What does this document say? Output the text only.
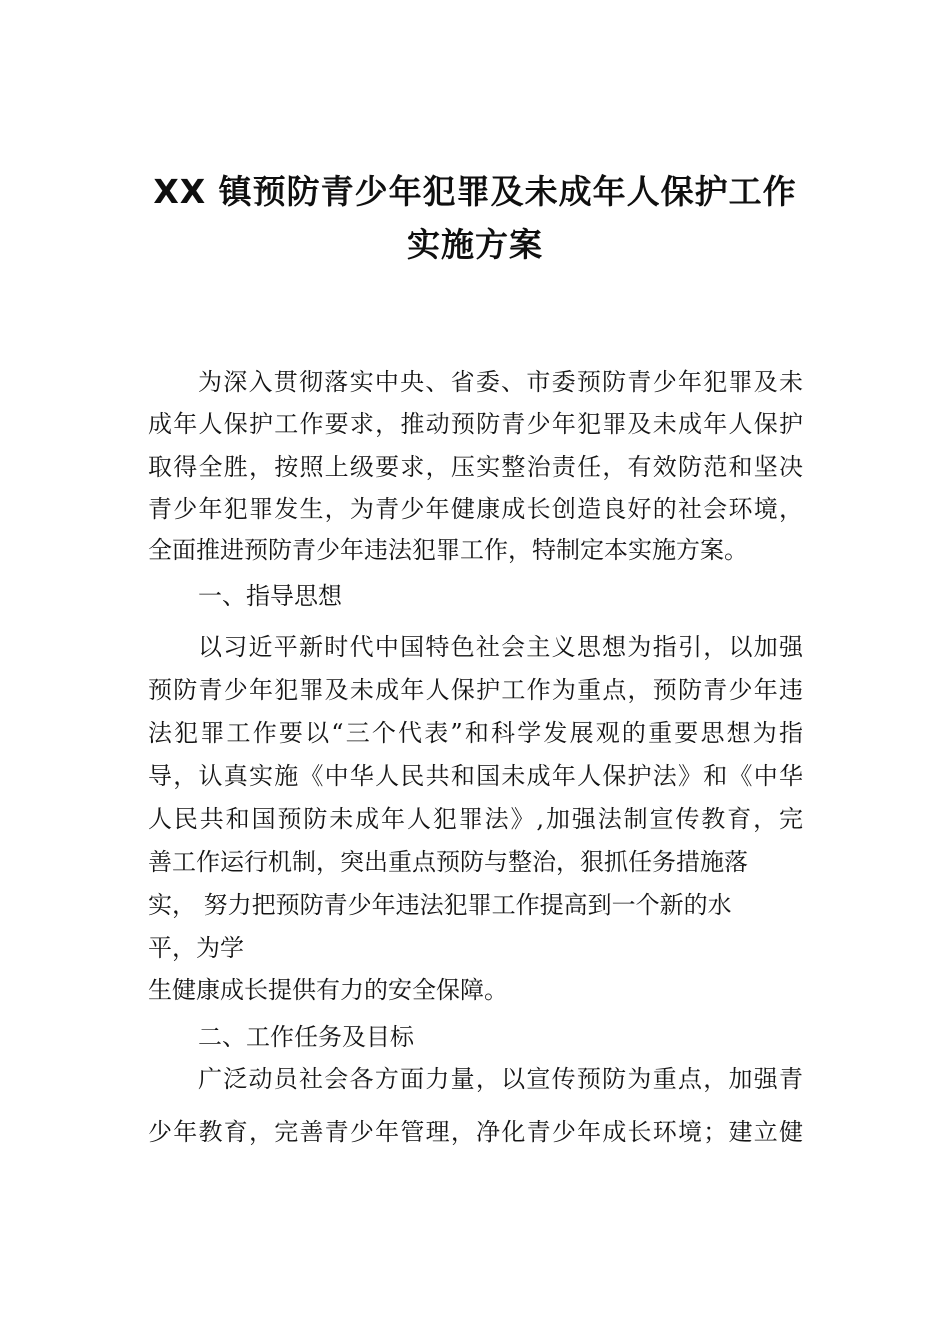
XX 镇预防青少年犯罪及未成年人保护工作
实施方案
为深入贯彻落实中央、省委、市委预防青少年犯罪及未
成年人保护工作要求，推动预防青少年犯罪及未成年人保护
取得全胜，按照上级要求，压实整治责任，有效防范和坚决
青少年犯罪发生，为青少年健康成长创造良好的社会环境，
全面推进预防青少年违法犯罪工作，特制定本实施方案。
一、指导思想
以习近平新时代中国特色社会主义思想为指引，以加强
预防青少年犯罪及未成年人保护工作为重点，预防青少年违
法犯罪工作要以“三个代表”和科学发展观的重要思想为指
导，认真实施《中华人民共和国未成年人保护法》和《中华
人民共和国预防未成年人犯罪法》,加强法制宣传教育，完
善工作运行机制，突出重点预防与整治，狠抓任务措施落
实， 努力把预防青少年违法犯罪工作提高到一个新的水
平，为学
生健康成长提供有力的安全保障。
二、工作任务及目标
广泛动员社会各方面力量，以宣传预防为重点，加强青
少年教育，完善青少年管理，净化青少年成长环境；建立健
